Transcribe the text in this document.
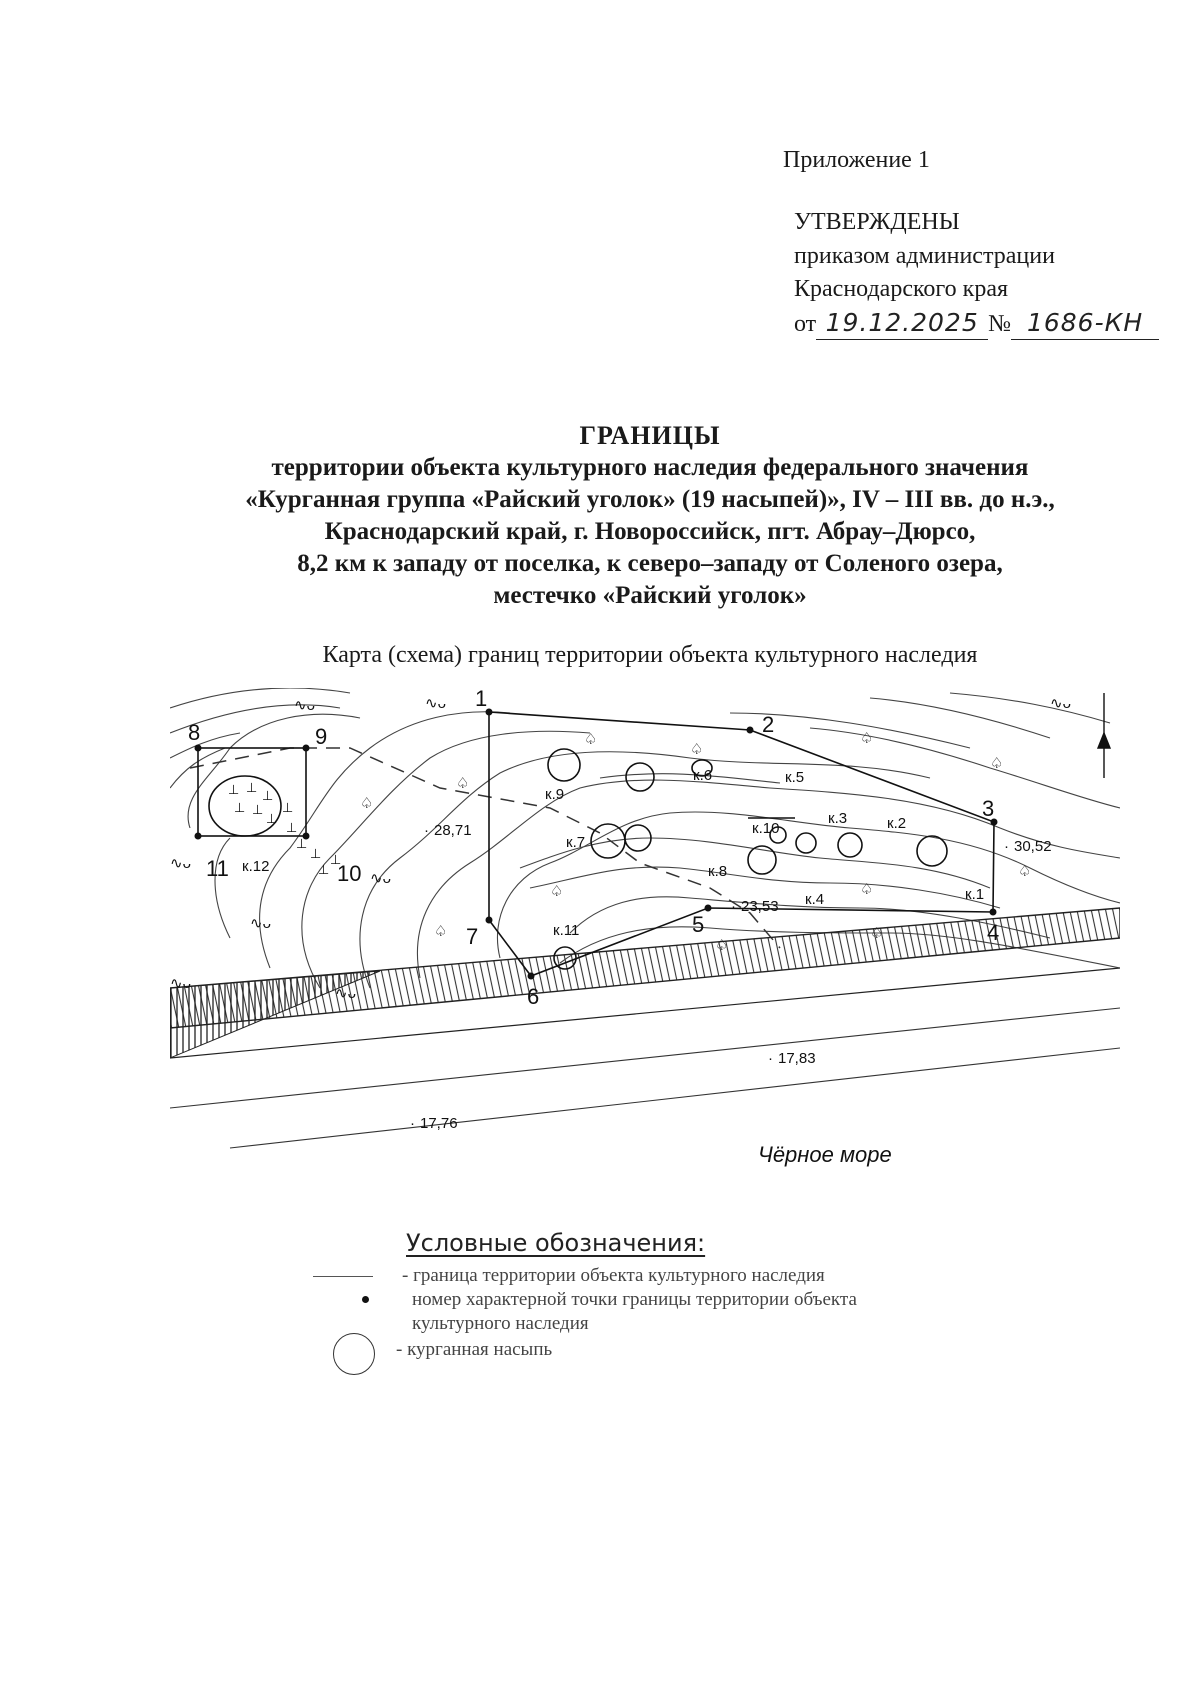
Приложение 1
УТВЕРЖДЕНЫ
приказом администрации
Краснодарского края
от 19.12.2025 № 1686-КН
ГРАНИЦЫ
территории объекта культурного наследия федерального значения
«Курганная группа «Райский уголок» (19 насыпей)», IV – III вв. до н.э.,
Краснодарский край, г. Новороссийск, пгт. Абрау–Дюрсо,
8,2 км к западу от поселка, к северо–западу от Соленого озера,
местечко «Райский уголок»
Карта (схема) границ территории объекта культурного наследия
1
2
3
4
5
6
7
8	9
10
11
⊥ ⊥
⊥
⊥ ⊥
⊥
⊥
⊥
⊥
⊥
⊥
⊥
к.1
к.2
к.3
к.4
к.5
к.6
к.7
к.8
к.9
к.10
к.11
к.12
· 28,71
· 30,52
· 23,53
· 17,83
· 17,76
∿ᴗ	∿ᴗ
∿ᴗ
∿ᴗ
∿ᴗ
∿ᴗ
∿ᴗ
∿ᴗ
♤
♤
♤
♤
♤
♤
♤
♤
♤
♤
♤
♤
Чёрное море
Условные обозначения:
- граница территории объекта культурного наследия
номер характерной точки границы территории объекта
культурного наследия
- курганная насыпь
